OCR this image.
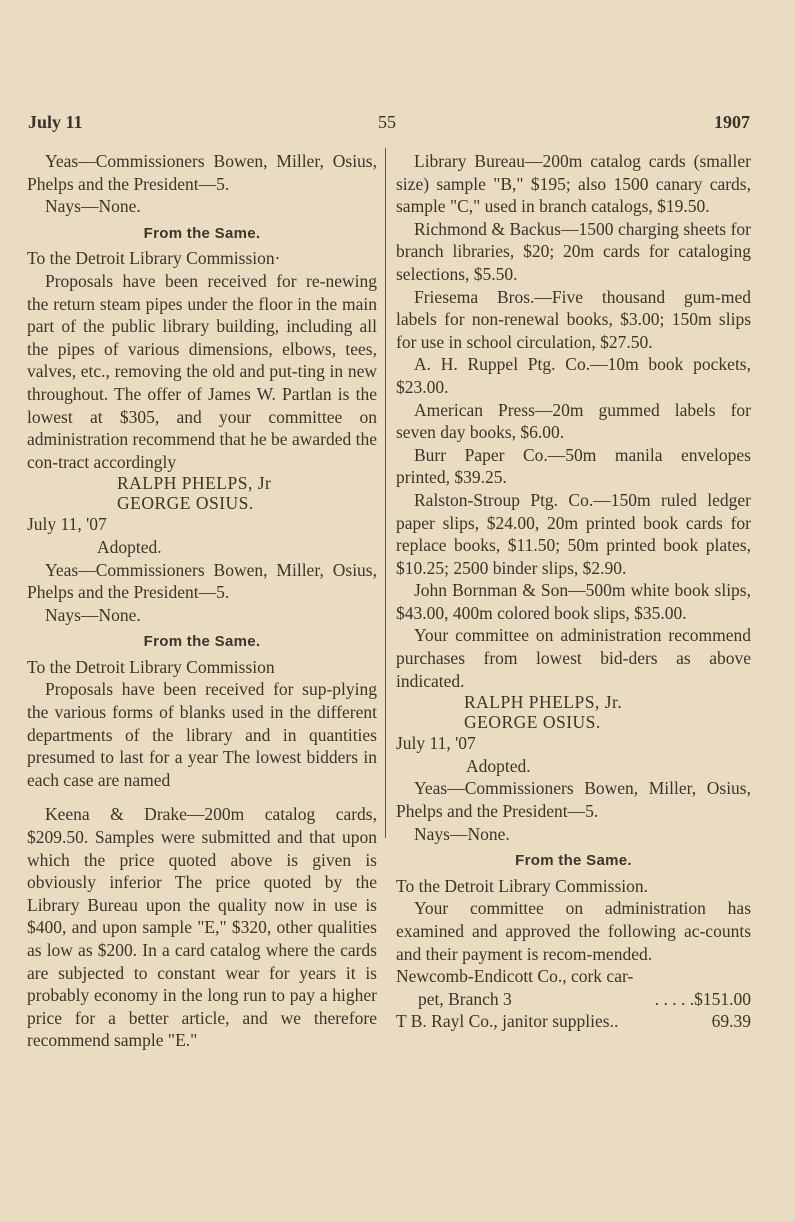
July 11	55	1907

Yeas—Commissioners Bowen, Miller, Osius, Phelps and the President—5.

Nays—None.

From the Same.

To the Detroit Library Commission·

Proposals have been received for re-newing the return steam pipes under the floor in the main part of the public library building, including all the pipes of various dimensions, elbows, tees, valves, etc., removing the old and put-ting in new throughout. The offer of James W. Partlan is the lowest at $305, and your committee on administration recommend that he be awarded the con-tract accordingly

RALPH PHELPS, Jr

GEORGE OSIUS.

July 11, '07

Adopted.

Yeas—Commissioners Bowen, Miller, Osius, Phelps and the President—5.

Nays—None.

From the Same.

To the Detroit Library Commission

Proposals have been received for sup-plying the various forms of blanks used in the different departments of the library and in quantities presumed to last for a year The lowest bidders in each case are named

Keena & Drake—200m catalog cards, $209.50. Samples were submitted and that upon which the price quoted above is given is obviously inferior The price quoted by the Library Bureau upon the quality now in use is $400, and upon sample "E," $320, other qualities as low as $200. In a card catalog where the cards are subjected to constant wear for years it is probably economy in the long run to pay a higher price for a better article, and we therefore recommend sample "E."

Library Bureau—200m catalog cards (smaller size) sample "B," $195; also 1500 canary cards, sample "C," used in branch catalogs, $19.50.

Richmond & Backus—1500 charging sheets for branch libraries, $20; 20m cards for cataloging selections, $5.50.

Friesema Bros.—Five thousand gum-med labels for non-renewal books, $3.00; 150m slips for use in school circulation, $27.50.

A. H. Ruppel Ptg. Co.—10m book pockets, $23.00.

American Press—20m gummed labels for seven day books, $6.00.

Burr Paper Co.—50m manila envelopes printed, $39.25.

Ralston-Stroup Ptg. Co.—150m ruled ledger paper slips, $24.00, 20m printed book cards for replace books, $11.50; 50m printed book plates, $10.25; 2500 binder slips, $2.90.

John Bornman & Son—500m white book slips, $43.00, 400m colored book slips, $35.00.

Your committee on administration recommend purchases from lowest bid-ders as above indicated.

RALPH PHELPS, Jr.

GEORGE OSIUS.

July 11, '07

Adopted.

Yeas—Commissioners Bowen, Miller, Osius, Phelps and the President—5.

Nays—None.

From the Same.

To the Detroit Library Commission.

Your committee on administration has examined and approved the following ac-counts and their payment is recom-mended.

Newcomb-Endicott Co., cork car-

pet, Branch 3	. . . . .$151.00
T B. Rayl Co., janitor supplies..	69.39
